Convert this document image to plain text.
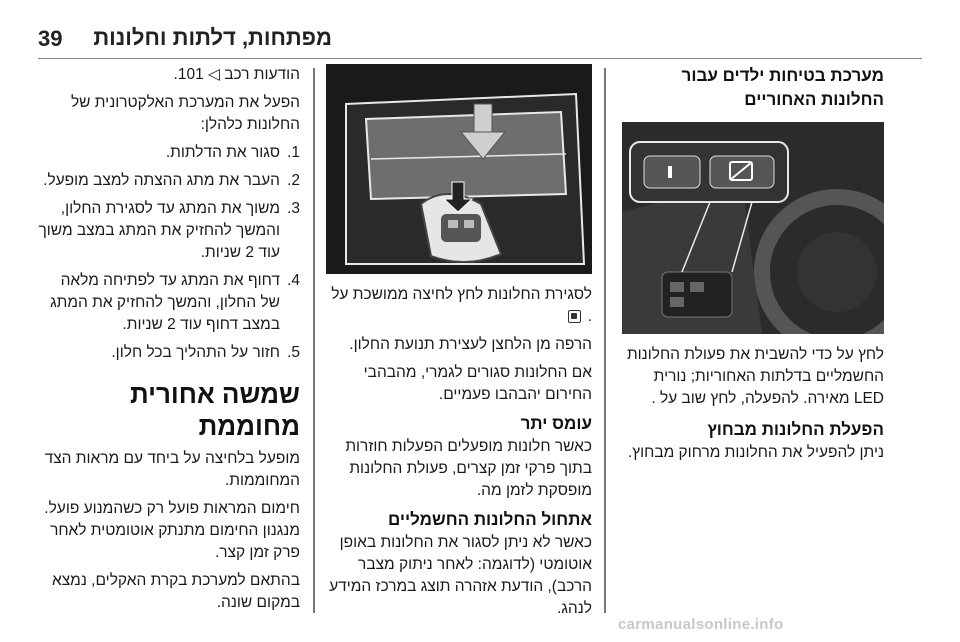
39 מפתחות, דלתות וחלונות

הודעות רכב ◁ 101.

הפעל את המערכת האלקטרונית של החלונות כלהלן:

1.
סגור את הדלתות.
2.
העבר את מתג ההצתה למצב מופעל.
3.
משוך את המתג עד לסגירת החלון, והמשך להחזיק את המתג במצב משוך עוד 2 שניות.
4.
דחוף את המתג עד לפתיחה מלאה של החלון, והמשך להחזיק את המתג במצב דחוף עוד 2 שניות.
5.
חזור על התהליך בכל חלון.
שמשה אחורית מחוממת

מופעל בלחיצה על ביחד עם מראות הצד המחוממות.

חימום המראות פועל רק כשהמנוע פועל. מנגנון החימום מתנתק אוטומטית לאחר פרק זמן קצר.

בהתאם למערכת בקרת האקלים, נמצא במקום שונה.

לסגירת החלונות לחץ לחיצה ממושכת על .

הרפה מן הלחצן לעצירת תנועת החלון.

אם החלונות סגורים לגמרי, מהבהבי החירום יהבהבו פעמיים.

עומס יתר

כאשר חלונות מופעלים הפעלות חוזרות בתוך פרקי זמן קצרים, פעולת החלונות מופסקת לזמן מה.

אתחול החלונות החשמליים

כאשר לא ניתן לסגור את החלונות באופן אוטומטי (לדוגמה: לאחר ניתוק מצבר הרכב), הודעת אזהרה תוצג במרכז המידע לנהג.

מערכת בטיחות ילדים עבור החלונות האחוריים

לחץ על כדי להשבית את פעולת החלונות החשמליים בדלתות האחוריות; נורית LED מאירה. להפעלה, לחץ שוב על .

הפעלת החלונות מבחוץ

ניתן להפעיל את החלונות מרחוק מבחוץ.

carmanualsonline.info
